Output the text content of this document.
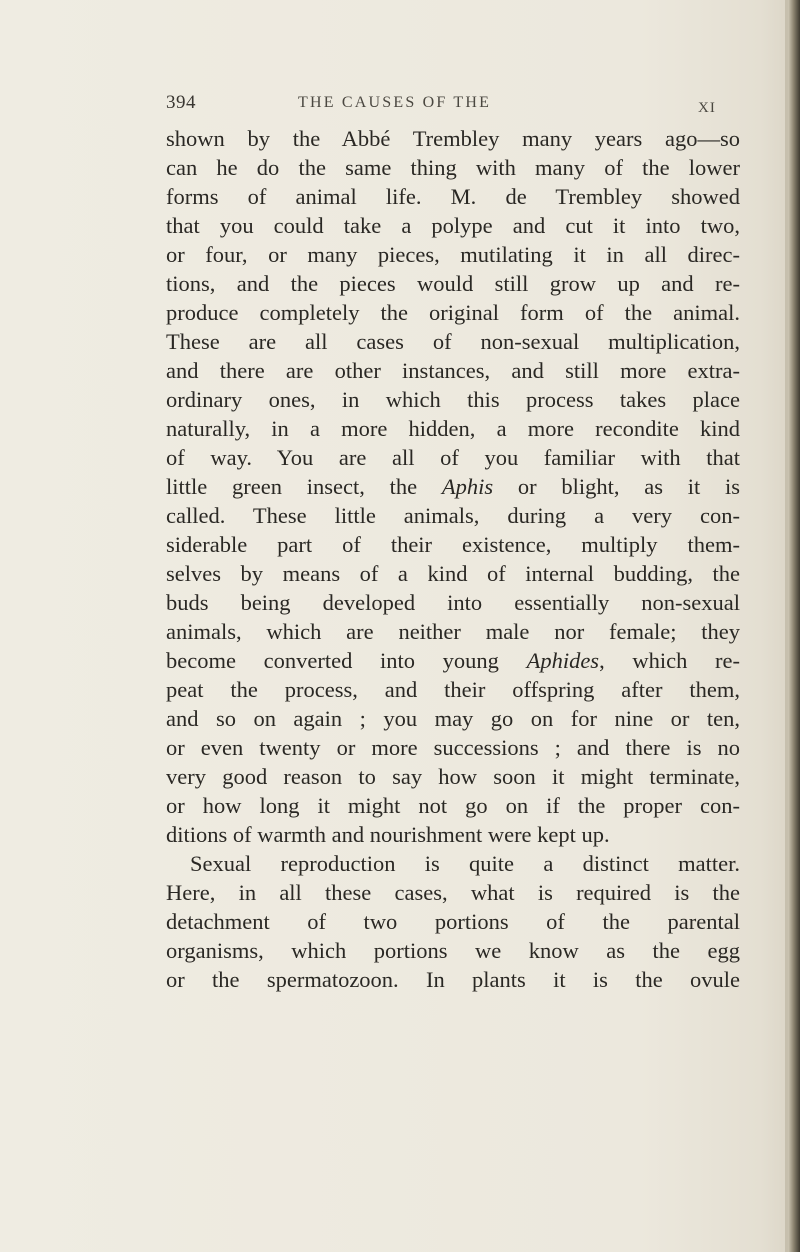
394	THE CAUSES OF THE	XI
shown by the Abbé Trembley many years ago—so
can he do the same thing with many of the lower
forms of animal life. M. de Trembley showed
that you could take a polype and cut it into two,
or four, or many pieces, mutilating it in all direc-
tions, and the pieces would still grow up and re-
produce completely the original form of the animal.
These are all cases of non-sexual multiplication,
and there are other instances, and still more extra-
ordinary ones, in which this process takes place
naturally, in a more hidden, a more recondite kind
of way. You are all of you familiar with that
little green insect, the Aphis or blight, as it is
called. These little animals, during a very con-
siderable part of their existence, multiply them-
selves by means of a kind of internal budding, the
buds being developed into essentially non-sexual
animals, which are neither male nor female; they
become converted into young Aphides, which re-
peat the process, and their offspring after them,
and so on again ; you may go on for nine or ten,
or even twenty or more successions ; and there is no
very good reason to say how soon it might terminate,
or how long it might not go on if the proper con-
ditions of warmth and nourishment were kept up.
Sexual reproduction is quite a distinct matter.
Here, in all these cases, what is required is the
detachment of two portions of the parental
organisms, which portions we know as the egg
or the spermatozoon. In plants it is the ovule
